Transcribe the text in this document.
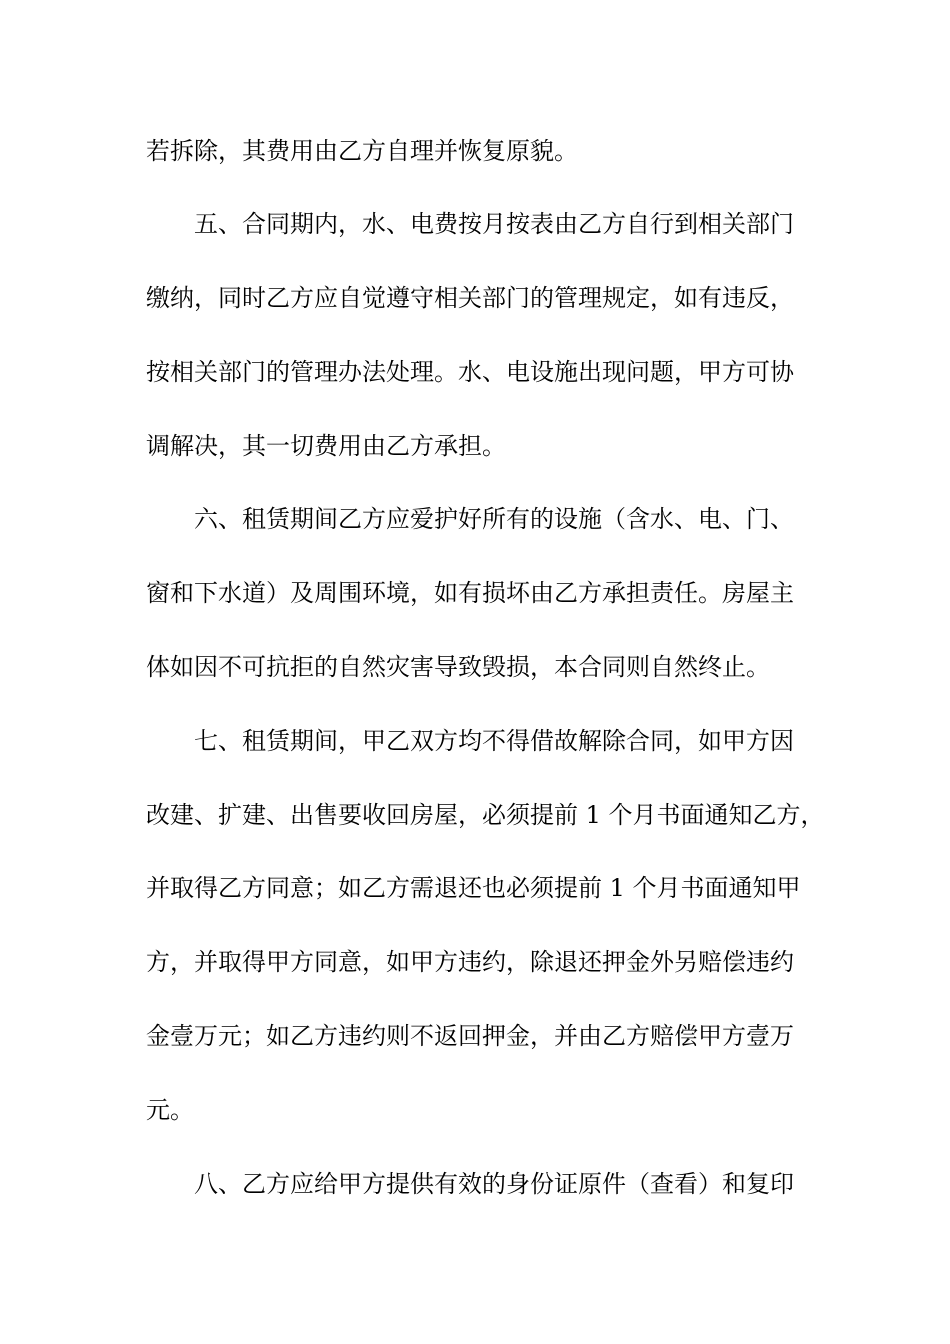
若拆除，其费用由乙方自理并恢复原貌。
五、合同期内，水、电费按月按表由乙方自行到相关部门
缴纳，同时乙方应自觉遵守相关部门的管理规定，如有违反，
按相关部门的管理办法处理。水、电设施出现问题，甲方可协
调解决，其一切费用由乙方承担。
六、租赁期间乙方应爱护好所有的设施（含水、电、门、
窗和下水道）及周围环境，如有损坏由乙方承担责任。房屋主
体如因不可抗拒的自然灾害导致毁损，本合同则自然终止。
七、租赁期间，甲乙双方均不得借故解除合同，如甲方因
改建、扩建、出售要收回房屋，必须提前 1 个月书面通知乙方，
并取得乙方同意；如乙方需退还也必须提前 1 个月书面通知甲
方，并取得甲方同意，如甲方违约，除退还押金外另赔偿违约
金壹万元；如乙方违约则不返回押金，并由乙方赔偿甲方壹万
元。
八、乙方应给甲方提供有效的身份证原件（查看）和复印
